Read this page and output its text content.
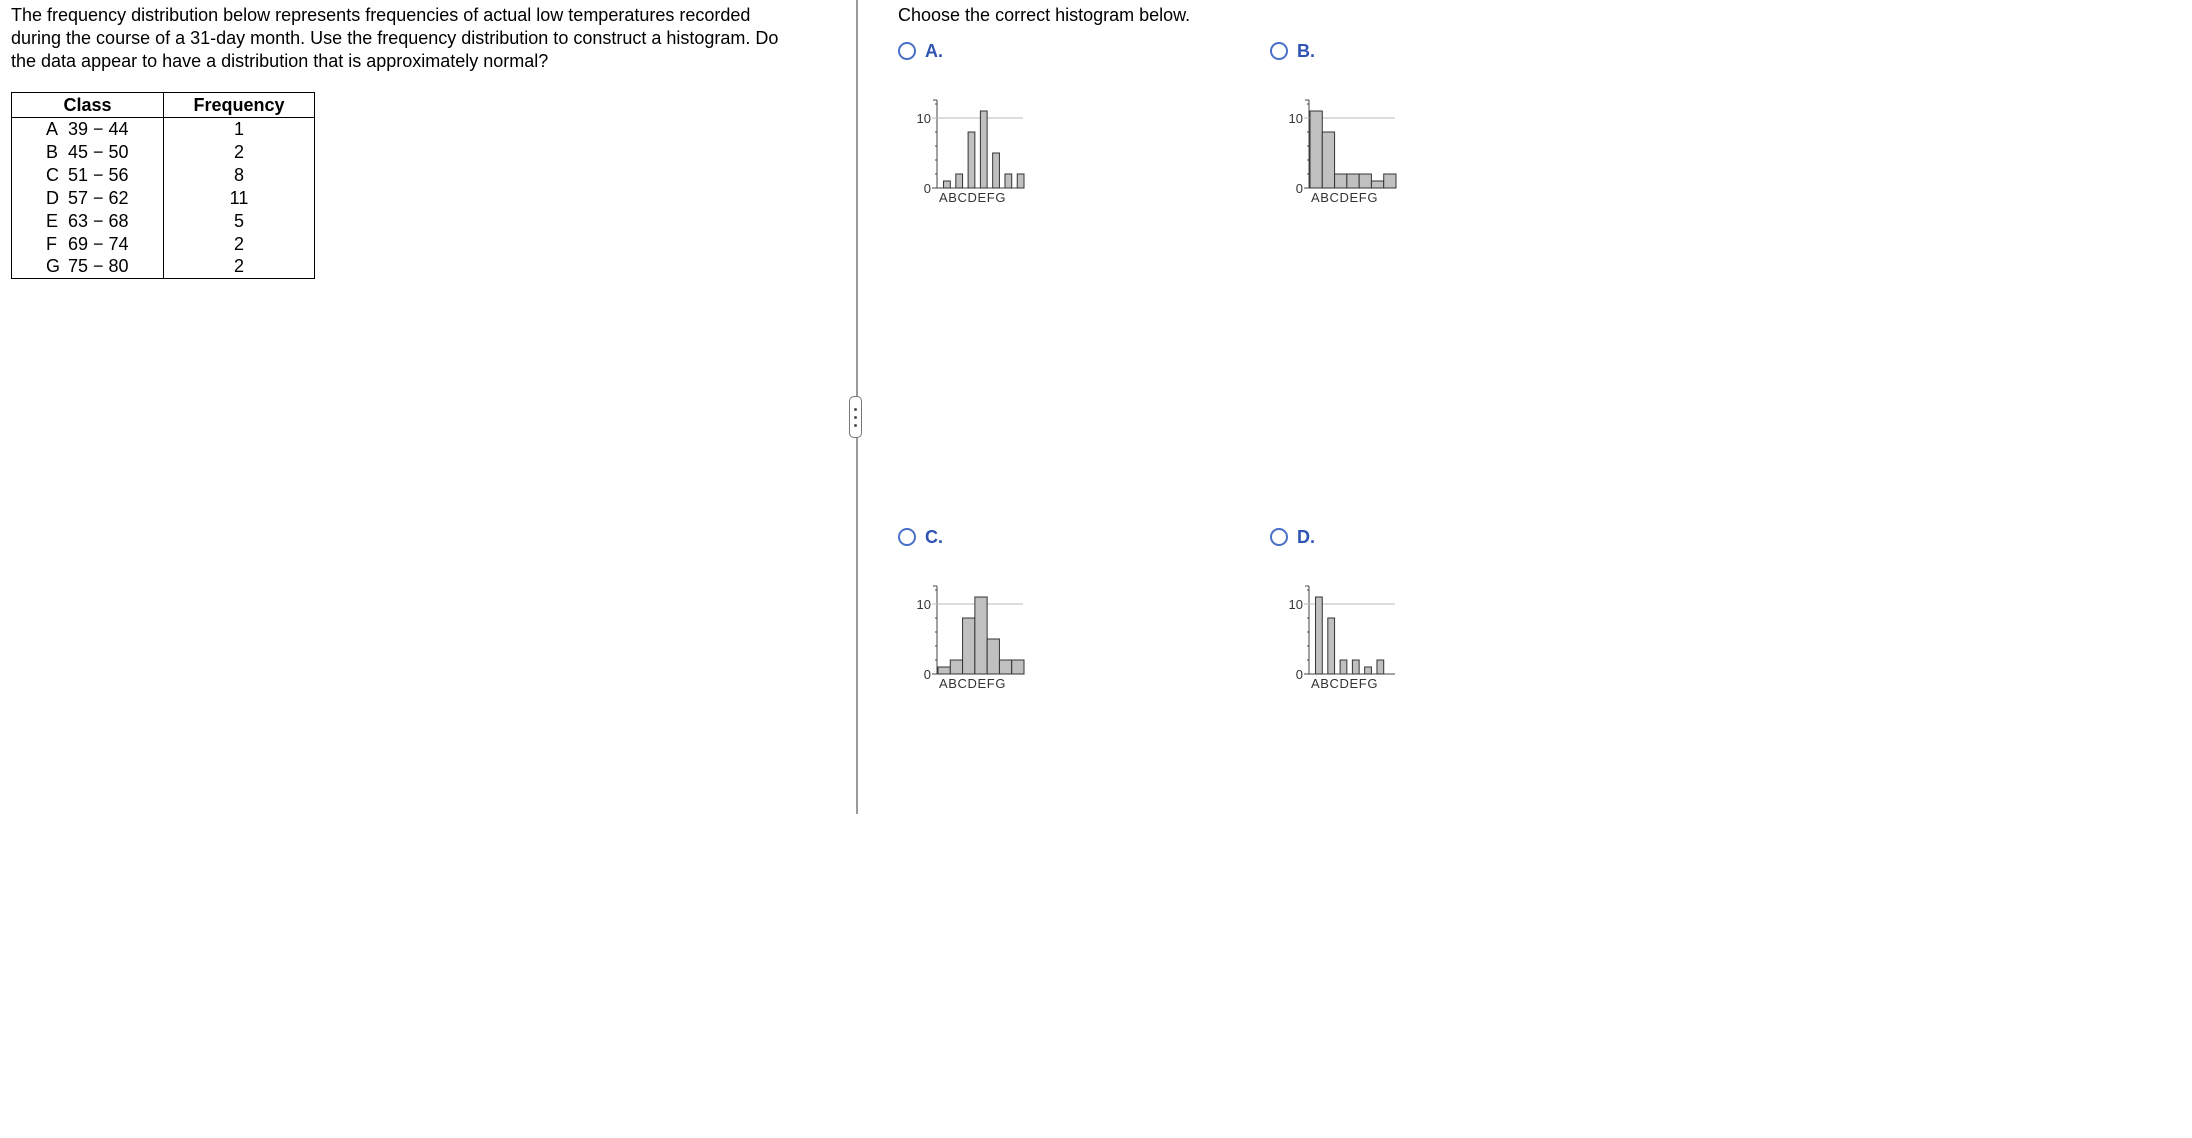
The frequency distribution below represents frequencies of actual low temperatures recorded
during the course of a 31-day month. Use the frequency distribution to construct a histogram. Do
the data appear to have a distribution that is approximately normal?

Class	Frequency
A 39 − 44	1
B 45 − 50	2
C 51 − 56	8
D 57 − 62	11
E 63 − 68	5
F 69 − 74	2
G 75 − 80	2

Choose the correct histogram below.

A.
10
0
ABCDEFG
B.
10
0
ABCDEFG
C.
10
0
ABCDEFG
D.
10
0
ABCDEFG
